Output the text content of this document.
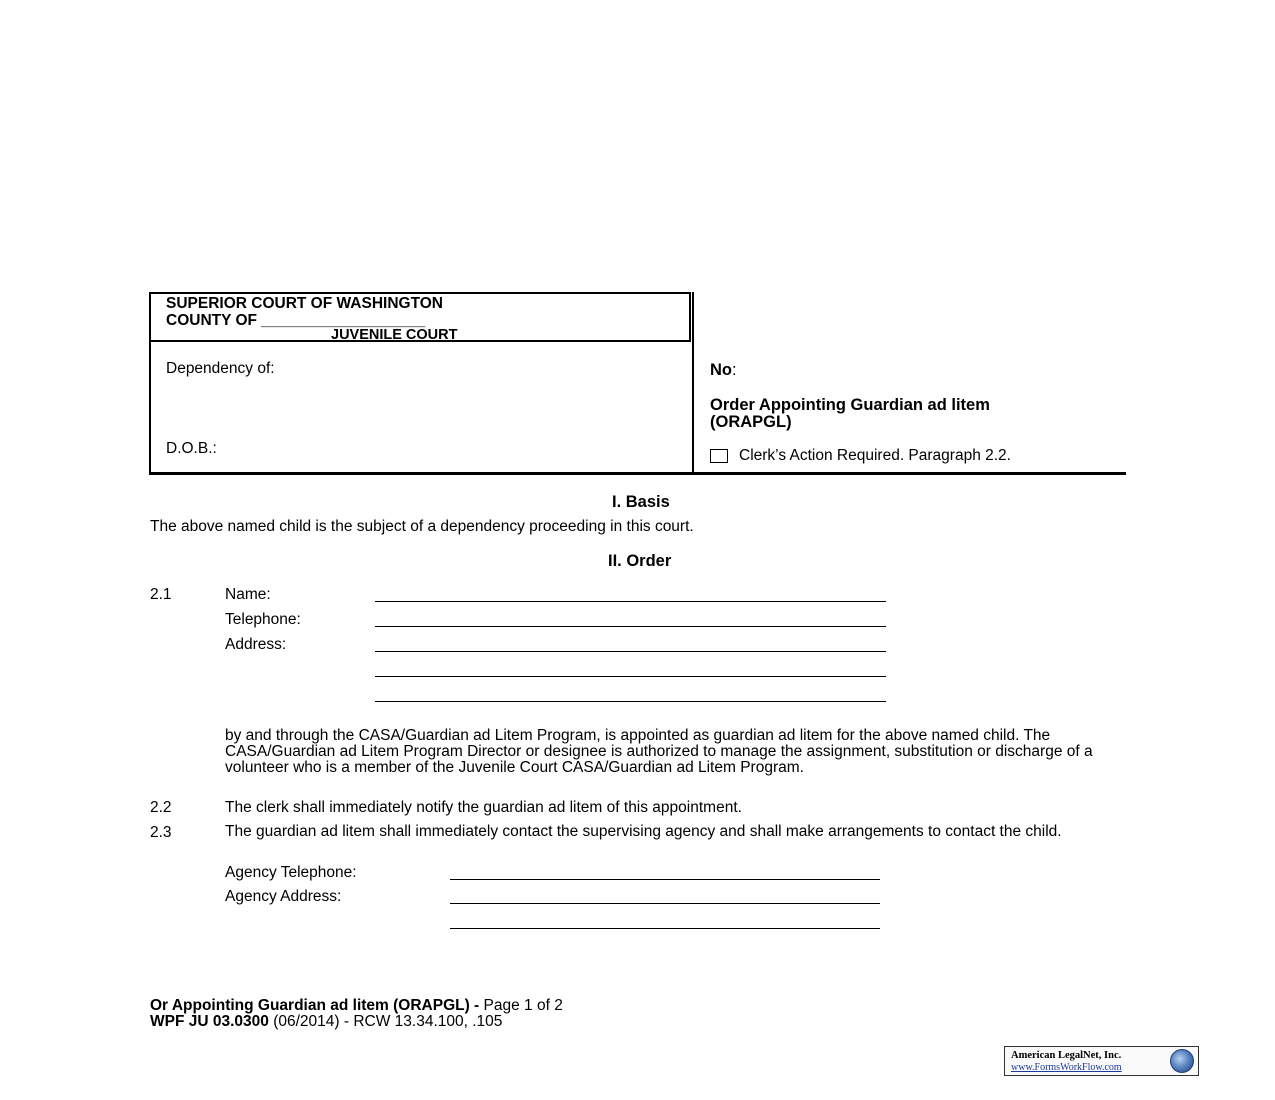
SUPERIOR COURT OF WASHINGTON
COUNTY OF ___________________
JUVENILE COURT
Dependency of:
D.O.B.:
No:
Order Appointing Guardian ad litem
(ORAPGL)
Clerk’s Action Required. Paragraph 2.2.
I. Basis
The above named child is the subject of a dependency proceeding in this court.
II. Order
2.1	Name:
Telephone:
Address:
by and through the CASA/Guardian ad Litem Program, is appointed as guardian ad litem for the above named child. The CASA/Guardian ad Litem Program Director or designee is authorized to manage the assignment, substitution or discharge of a volunteer who is a member of the Juvenile Court CASA/Guardian ad Litem Program.
2.2	The clerk shall immediately notify the guardian ad litem of this appointment.
2.3	The guardian ad litem shall immediately contact the supervising agency and shall make arrangements to contact the child.
Agency Telephone:
Agency Address:
Or Appointing Guardian ad litem (ORAPGL) - Page 1 of 2
WPF JU 03.0300 (06/2014) - RCW 13.34.100, .105
American LegalNet, Inc.
www.FormsWorkFlow.com
